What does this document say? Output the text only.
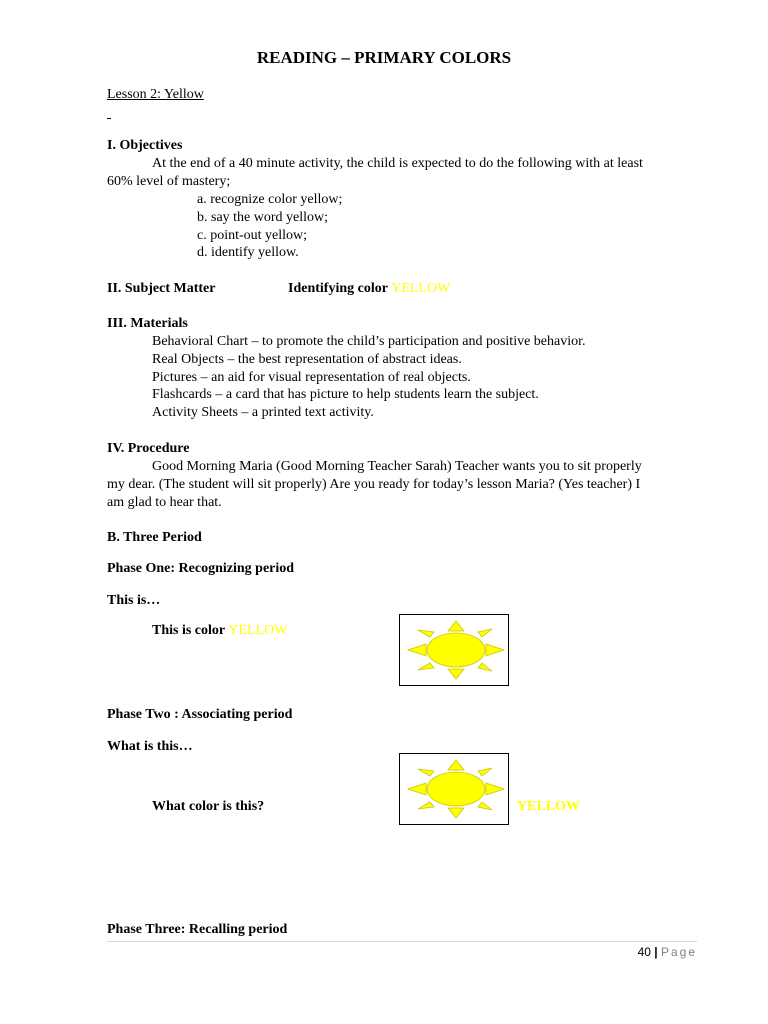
READING – PRIMARY COLORS
Lesson 2: Yellow
I. Objectives
At the end of a 40 minute activity, the child is expected to do the following with at least
60% level of mastery;
a. recognize color yellow;
b. say the word yellow;
c. point-out yellow;
d. identify yellow.
II. Subject Matter	Identifying color YELLOW
III. Materials
Behavioral Chart – to promote the child’s participation and positive behavior.
Real Objects – the best representation of abstract ideas.
Pictures – an aid for visual representation of real objects.
Flashcards – a card that has picture to help students learn the subject.
Activity Sheets – a printed text activity.
IV. Procedure
Good Morning Maria (Good Morning Teacher Sarah) Teacher wants you to sit properly
my dear. (The student will sit properly) Are you ready for today’s lesson Maria? (Yes teacher) I
am glad to hear that.
B. Three Period
Phase One: Recognizing period
This is…
This is color YELLOW
Phase Two : Associating period
What is this…
What color is this?	YELLOW
Phase Three: Recalling period
40 | Page
